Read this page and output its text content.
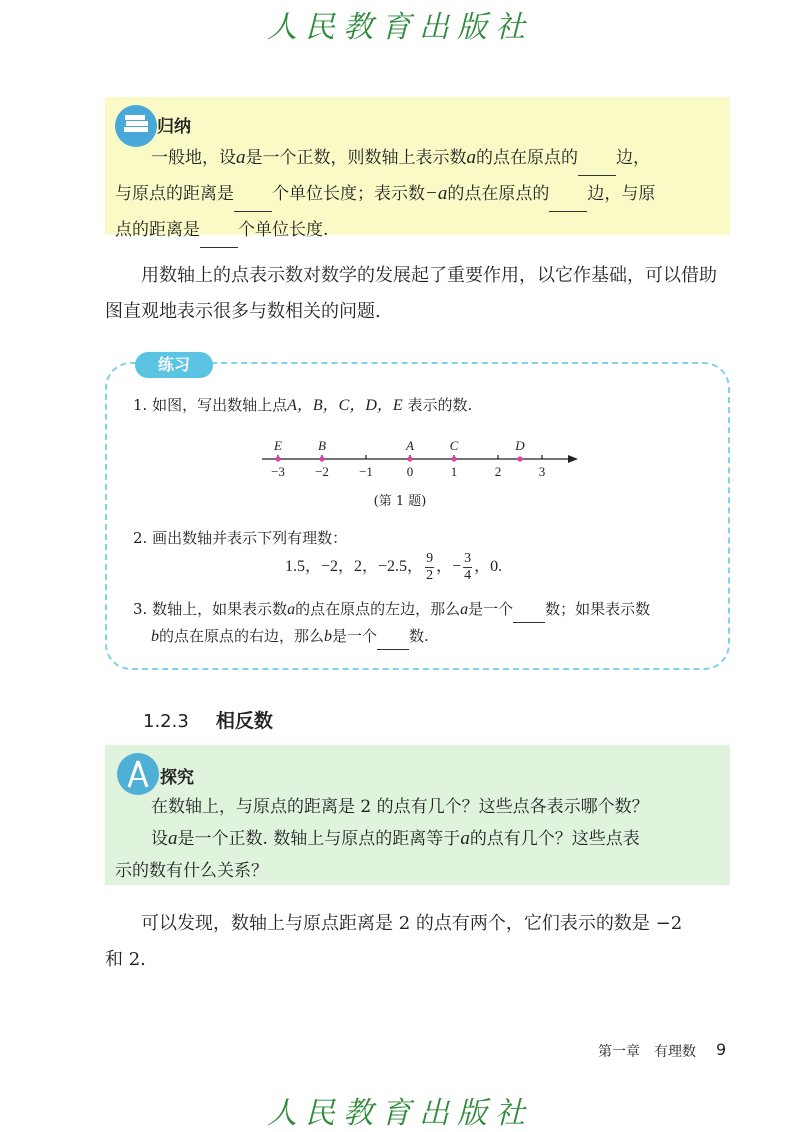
人民教育出版社
归纳
一般地，设a是一个正数，则数轴上表示数a的点在原点的 边，
与原点的距离是 个单位长度；表示数−a的点在原点的 边，与原
点的距离是 个单位长度.
用数轴上的点表示数对数学的发展起了重要作用，以它作基础，可以借助
图直观地表示很多与数相关的问题.
练习
1. 如图，写出数轴上点A，B，C，D，E 表示的数.
−3 −2 −1	0	1	2	3
E	B	A	C	D
(第 1 题)
2. 画出数轴并表示下列有理数：
1.5，−2，2，−2.5， $\frac{9}{2}$ ，− $\frac{3}{4}$ ，0.
3. 数轴上，如果表示数a的点在原点的左边，那么a是一个 数；如果表示数
b的点在原点的右边，那么b是一个 数.
1.2.3 相反数
探究
在数轴上，与原点的距离是 2 的点有几个？这些点各表示哪个数？
设a是一个正数. 数轴上与原点的距离等于a的点有几个？这些点表
示的数有什么关系？
可以发现，数轴上与原点距离是 2 的点有两个，它们表示的数是 −2
和 2.
第一章　有理数 9
人民教育出版社
